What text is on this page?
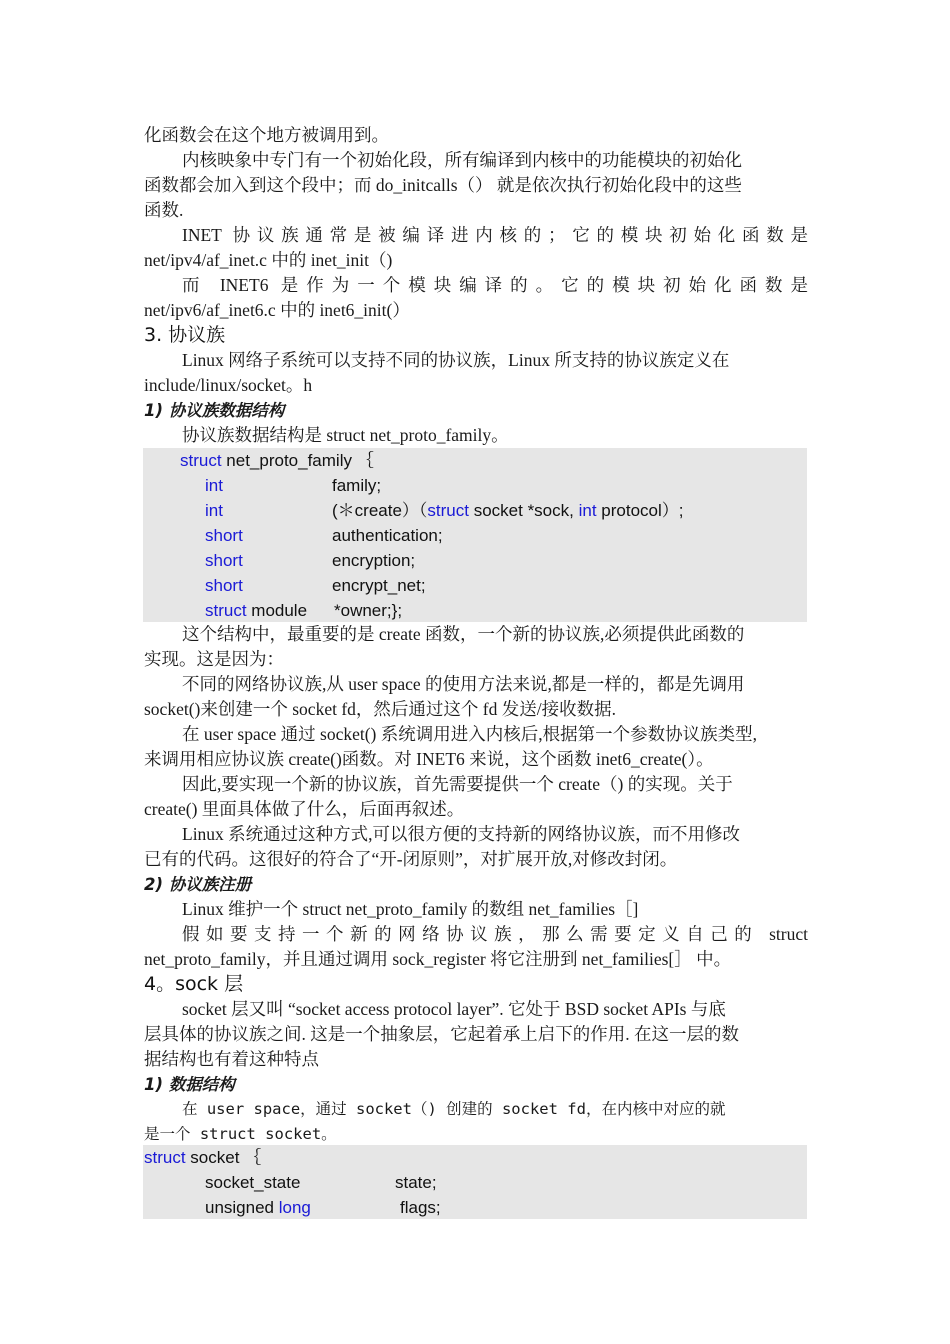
化函数会在这个地方被调用到。
内核映象中专门有一个初始化段，所有编译到内核中的功能模块的初始化
函数都会加入到这个段中；而 do_initcalls（） 就是依次执行初始化段中的这些
函数.
INET 协议族通常是被编译进内核的；它的模块初始化函数是
net/ipv4/af_inet.c 中的 inet_init（)
而 INET6 是作为一个模块编译的。它的模块初始化函数是
net/ipv6/af_inet6.c 中的 inet6_init(）
3. 协议族
Linux 网络子系统可以支持不同的协议族，Linux 所支持的协议族定义在
include/linux/socket。h
1) 协议族数据结构
协议族数据结构是 struct net_proto_family。
struct net_proto_family ｛
int	family;
int	(＊create）（struct socket *sock, int protocol）;
short	authentication;
short	encryption;
short	encrypt_net;
struct module *owner;};
这个结构中，最重要的是 create 函数，一个新的协议族,必须提供此函数的
实现。这是因为：
不同的网络协议族,从 user space 的使用方法来说,都是一样的，都是先调用
socket()来创建一个 socket fd，然后通过这个 fd 发送/接收数据.
在 user space 通过 socket() 系统调用进入内核后,根据第一个参数协议族类型,
来调用相应协议族 create()函数。对 INET6 来说，这个函数 inet6_create(）。
因此,要实现一个新的协议族，首先需要提供一个 create（) 的实现。关于
create() 里面具体做了什么，后面再叙述。
Linux 系统通过这种方式,可以很方便的支持新的网络协议族，而不用修改
已有的代码。这很好的符合了“开-闭原则”，对扩展开放,对修改封闭。
2) 协议族注册
Linux 维护一个 struct net_proto_family 的数组 net_families［]
假如要支持一个新的网络协议族，那么需要定义自己的 struct
net_proto_family，并且通过调用 sock_register 将它注册到 net_families[］ 中。
4。sock 层
socket 层又叫 “socket access protocol layer”. 它处于 BSD socket APIs 与底
层具体的协议族之间. 这是一个抽象层，它起着承上启下的作用. 在这一层的数
据结构也有着这种特点
1) 数据结构
在 user space，通过 socket（) 创建的 socket fd，在内核中对应的就
是一个 struct socket。
struct socket ｛
socket_state	state;
unsigned long	flags;
